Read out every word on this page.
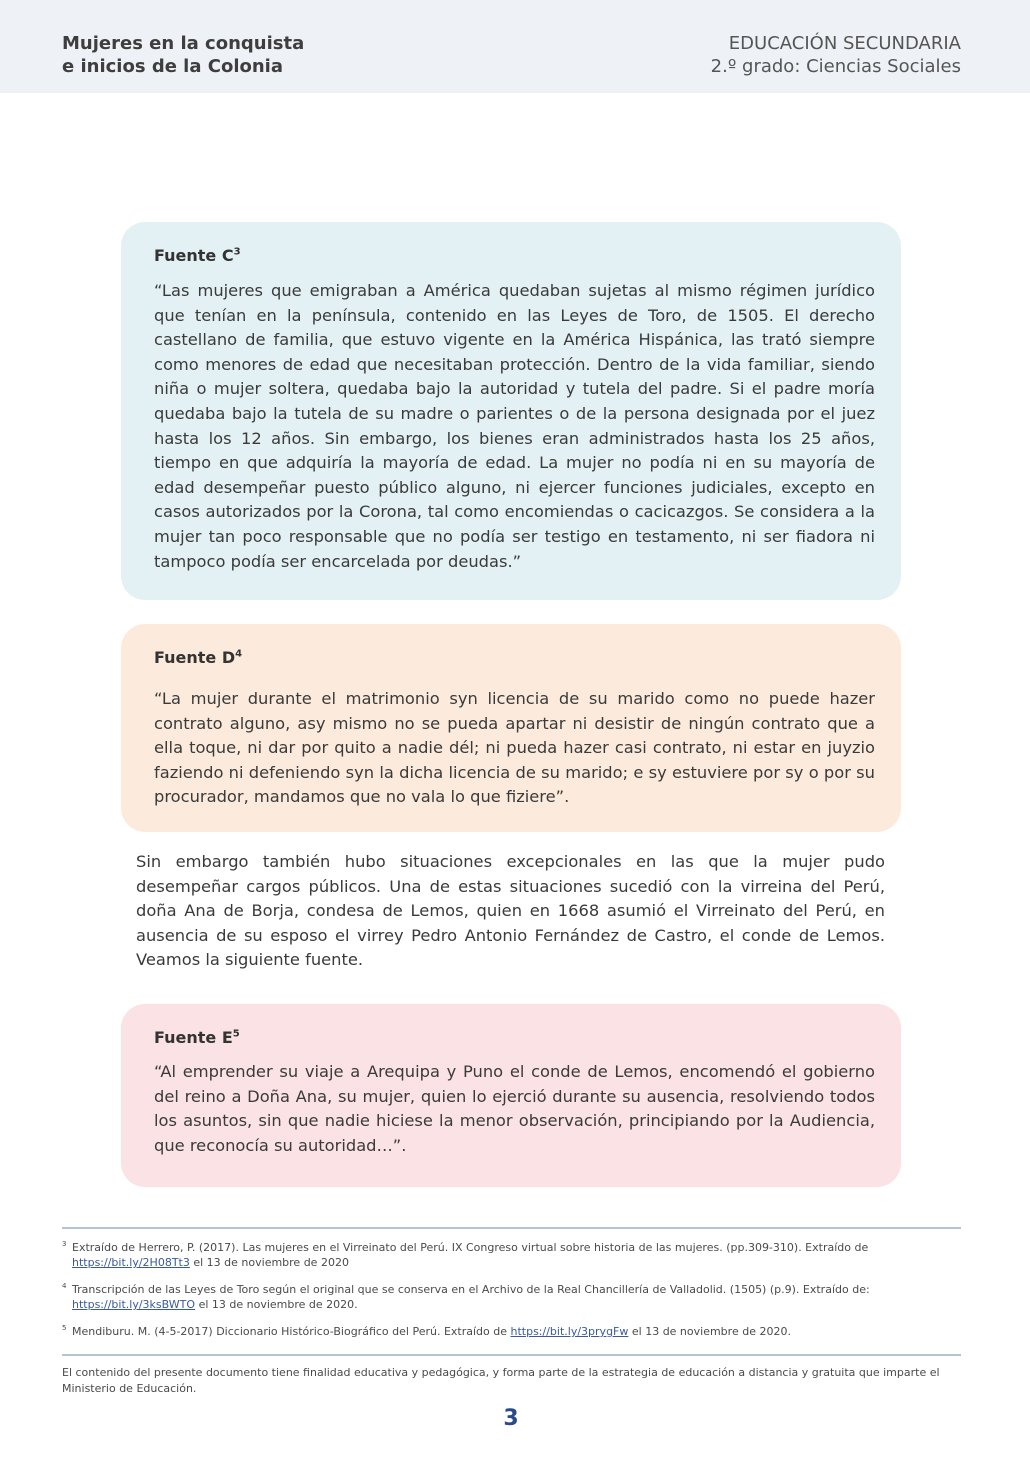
Mujeres en la conquista
e inicios de la Colonia
EDUCACIÓN SECUNDARIA
2.º grado: Ciencias Sociales

Fuente $C^3$

“Las mujeres que emigraban a América quedaban sujetas al mismo régimen jurídico que tenían en la península, contenido en las Leyes de Toro, de 1505. El derecho castellano de familia, que estuvo vigente en la América Hispánica, las trató siempre como menores de edad que necesitaban protección. Dentro de la vida familiar, siendo niña o mujer soltera, quedaba bajo la autoridad y tutela del padre. Si el padre moría quedaba bajo la tutela de su madre o parientes o de la persona designada por el juez hasta los 12 años. Sin embargo, los bienes eran administrados hasta los 25 años, tiempo en que adquiría la mayoría de edad. La mujer no podía ni en su mayoría de edad desempeñar puesto público alguno, ni ejercer funciones judiciales, excepto en casos autorizados por la Corona, tal como encomiendas o cacicazgos. Se considera a la mujer tan poco responsable que no podía ser testigo en testamento, ni ser fiadora ni tampoco podía ser encarcelada por deudas.”

Fuente $D^4$

“La mujer durante el matrimonio syn licencia de su marido como no puede hazer contrato alguno, asy mismo no se pueda apartar ni desistir de ningún contrato que a ella toque, ni dar por quito a nadie dél; ni pueda hazer casi contrato, ni estar en juyzio faziendo ni defeniendo syn la dicha licencia de su marido; e sy estuviere por sy o por su procurador, mandamos que no vala lo que fiziere”.

Sin embargo también hubo situaciones excepcionales en las que la mujer pudo desempeñar cargos públicos. Una de estas situaciones sucedió con la virreina del Perú, doña Ana de Borja, condesa de Lemos, quien en 1668 asumió el Virreinato del Perú, en ausencia de su esposo el virrey Pedro Antonio Fernández de Castro, el conde de Lemos. Veamos la siguiente fuente.

Fuente $E^5$

“Al emprender su viaje a Arequipa y Puno el conde de Lemos, encomendó el gobierno del reino a Doña Ana, su mujer, quien lo ejerció durante su ausencia, resolviendo todos los asuntos, sin que nadie hiciese la menor observación, principiando por la Audiencia, que reconocía su autoridad…”.

3 Extraído de Herrero, P. (2017). Las mujeres en el Virreinato del Perú. IX Congreso virtual sobre historia de las mujeres. (pp.309-310). Extraído de
https://bit.ly/2H08Tt3 el 13 de noviembre de 2020
4 Transcripción de las Leyes de Toro según el original que se conserva en el Archivo de la Real Chancillería de Valladolid. (1505) (p.9). Extraído de:
https://bit.ly/3ksBWTO el 13 de noviembre de 2020.
5 Mendiburu. M. (4-5-2017) Diccionario Histórico-Biográfico del Perú. Extraído de https://bit.ly/3prygFw el 13 de noviembre de 2020.

El contenido del presente documento tiene finalidad educativa y pedagógica, y forma parte de la estrategia de educación a distancia y gratuita que imparte el Ministerio de Educación.

3
